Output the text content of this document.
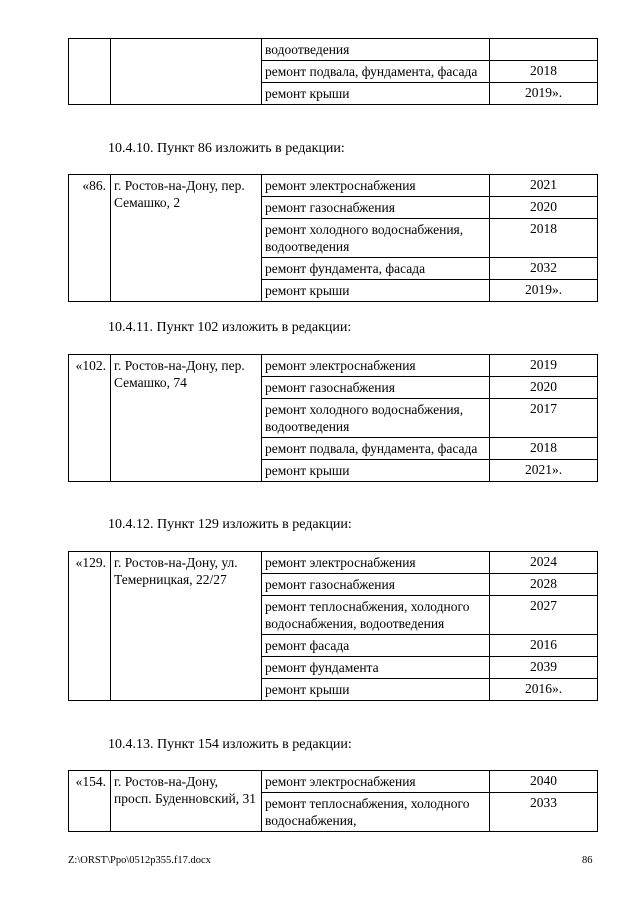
		водоотведения	
		ремонт подвала, фундамента, фасада	2018
		ремонт крыши	2019».
10.4.10. Пункт 86 изложить в редакции:
«86.	г. Ростов-на-Дону, пер. Семашко, 2	ремонт электроснабжения	2021
		ремонт газоснабжения	2020
		ремонт холодного водоснабжения, водоотведения	2018
		ремонт фундамента, фасада	2032
		ремонт крыши	2019».
10.4.11. Пункт 102 изложить в редакции:
«102.	г. Ростов-на-Дону, пер. Семашко, 74	ремонт электроснабжения	2019
		ремонт газоснабжения	2020
		ремонт холодного водоснабжения, водоотведения	2017
		ремонт подвала, фундамента, фасада	2018
		ремонт крыши	2021».
10.4.12. Пункт 129 изложить в редакции:
«129.	г. Ростов-на-Дону, ул. Темерницкая, 22/27	ремонт электроснабжения	2024
		ремонт газоснабжения	2028
		ремонт теплоснабжения, холодного водоснабжения, водоотведения	2027
		ремонт фасада	2016
		ремонт фундамента	2039
		ремонт крыши	2016».
10.4.13. Пункт 154 изложить в редакции:
«154.	г. Ростов-на-Дону, просп. Буденновский, 31	ремонт электроснабжения	2040
		ремонт теплоснабжения, холодного водоснабжения,	2033
Z:\ORST\Ppo\0512p355.f17.docx	86
